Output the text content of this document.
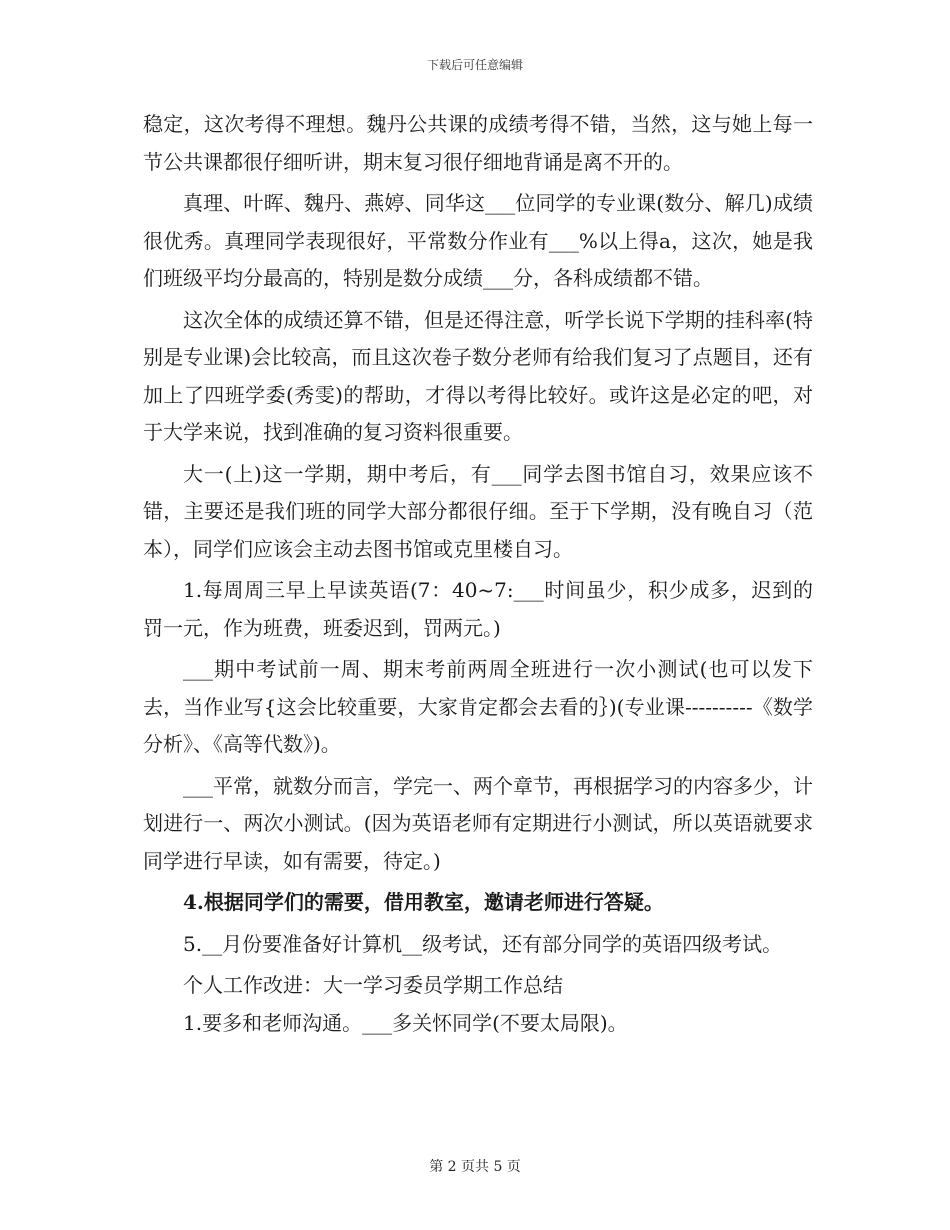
下载后可任意编辑

稳定，这次考得不理想。魏丹公共课的成绩考得不错，当然，这与她上每一节公共课都很仔细听讲，期末复习很仔细地背诵是离不开的。

真理、叶晖、魏丹、燕婷、同华这___位同学的专业课(数分、解几)成绩很优秀。真理同学表现很好，平常数分作业有___%以上得a，这次，她是我们班级平均分最高的，特别是数分成绩___分，各科成绩都不错。

这次全体的成绩还算不错，但是还得注意，听学长说下学期的挂科率(特别是专业课)会比较高，而且这次卷子数分老师有给我们复习了点题目，还有加上了四班学委(秀雯)的帮助，才得以考得比较好。或许这是必定的吧，对于大学来说，找到准确的复习资料很重要。

大一(上)这一学期，期中考后，有___同学去图书馆自习，效果应该不错，主要还是我们班的同学大部分都很仔细。至于下学期，没有晚自习（范本），同学们应该会主动去图书馆或克里楼自习。

1.每周周三早上早读英语(7：40~7:___时间虽少，积少成多，迟到的罚一元，作为班费，班委迟到，罚两元。)

___期中考试前一周、期末考前两周全班进行一次小测试(也可以发下去，当作业写{这会比较重要，大家肯定都会去看的｝)(专业课----------《数学分析》、《高等代数》)。

___平常，就数分而言，学完一、两个章节，再根据学习的内容多少，计划进行一、两次小测试。(因为英语老师有定期进行小测试，所以英语就要求同学进行早读，如有需要，待定。)

4.根据同学们的需要，借用教室，邀请老师进行答疑。

5.__月份要准备好计算机__级考试，还有部分同学的英语四级考试。

个人工作改进：大一学习委员学期工作总结

1.要多和老师沟通。___多关怀同学(不要太局限)。

第 2 页共 5 页
